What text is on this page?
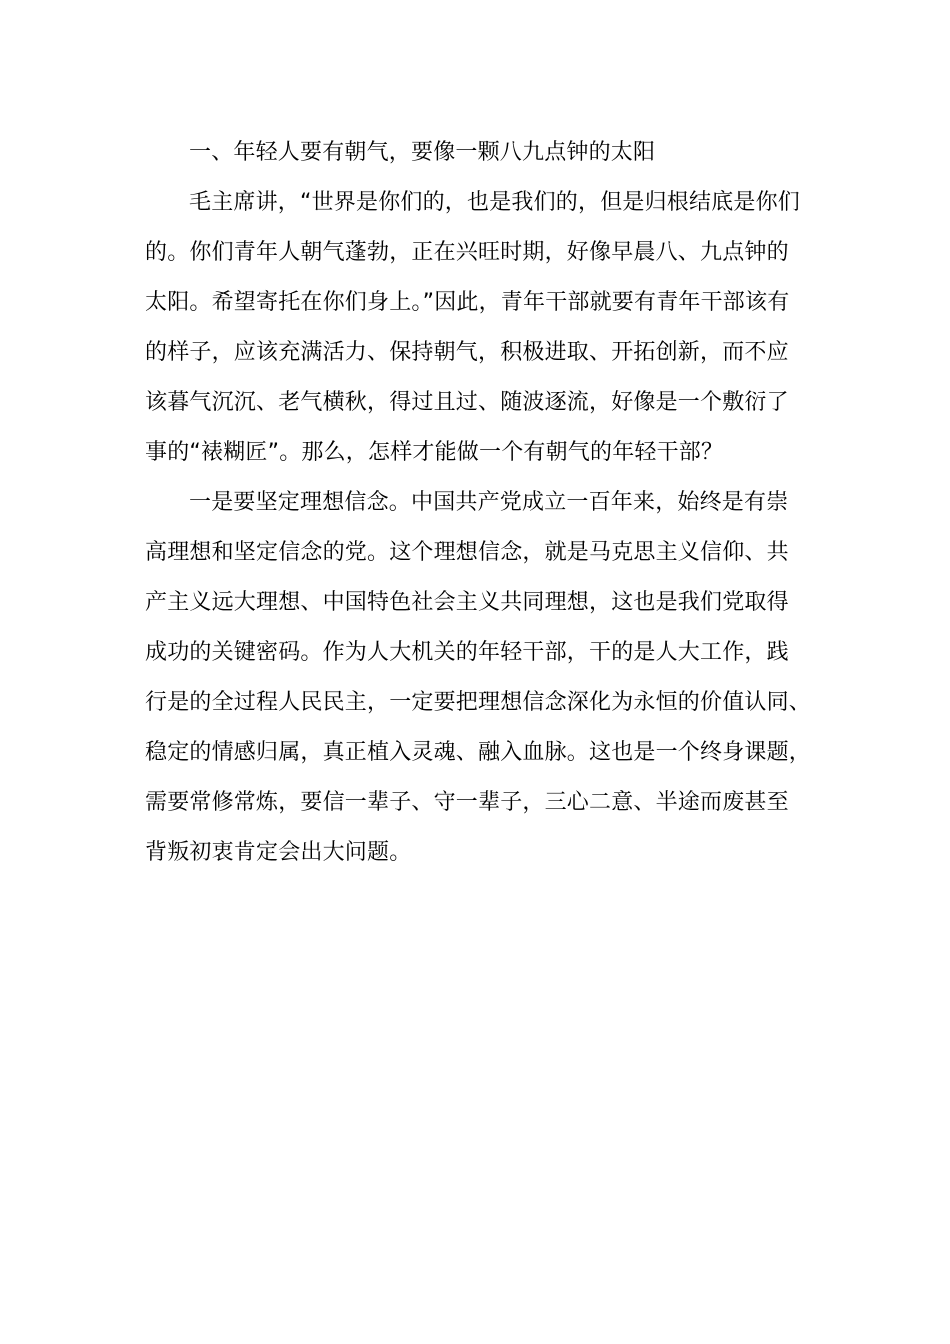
一、年轻人要有朝气，要像一颗八九点钟的太阳
毛主席讲，“世界是你们的，也是我们的，但是归根结底是你们
的。你们青年人朝气蓬勃，正在兴旺时期，好像早晨八、九点钟的
太阳。希望寄托在你们身上。”因此，青年干部就要有青年干部该有
的样子，应该充满活力、保持朝气，积极进取、开拓创新，而不应
该暮气沉沉、老气横秋，得过且过、随波逐流，好像是一个敷衍了
事的“裱糊匠”。那么，怎样才能做一个有朝气的年轻干部？
一是要坚定理想信念。中国共产党成立一百年来，始终是有崇
高理想和坚定信念的党。这个理想信念，就是马克思主义信仰、共
产主义远大理想、中国特色社会主义共同理想，这也是我们党取得
成功的关键密码。作为人大机关的年轻干部，干的是人大工作，践
行是的全过程人民民主，一定要把理想信念深化为永恒的价值认同、
稳定的情感归属，真正植入灵魂、融入血脉。这也是一个终身课题，
需要常修常炼，要信一辈子、守一辈子，三心二意、半途而废甚至
背叛初衷肯定会出大问题。
